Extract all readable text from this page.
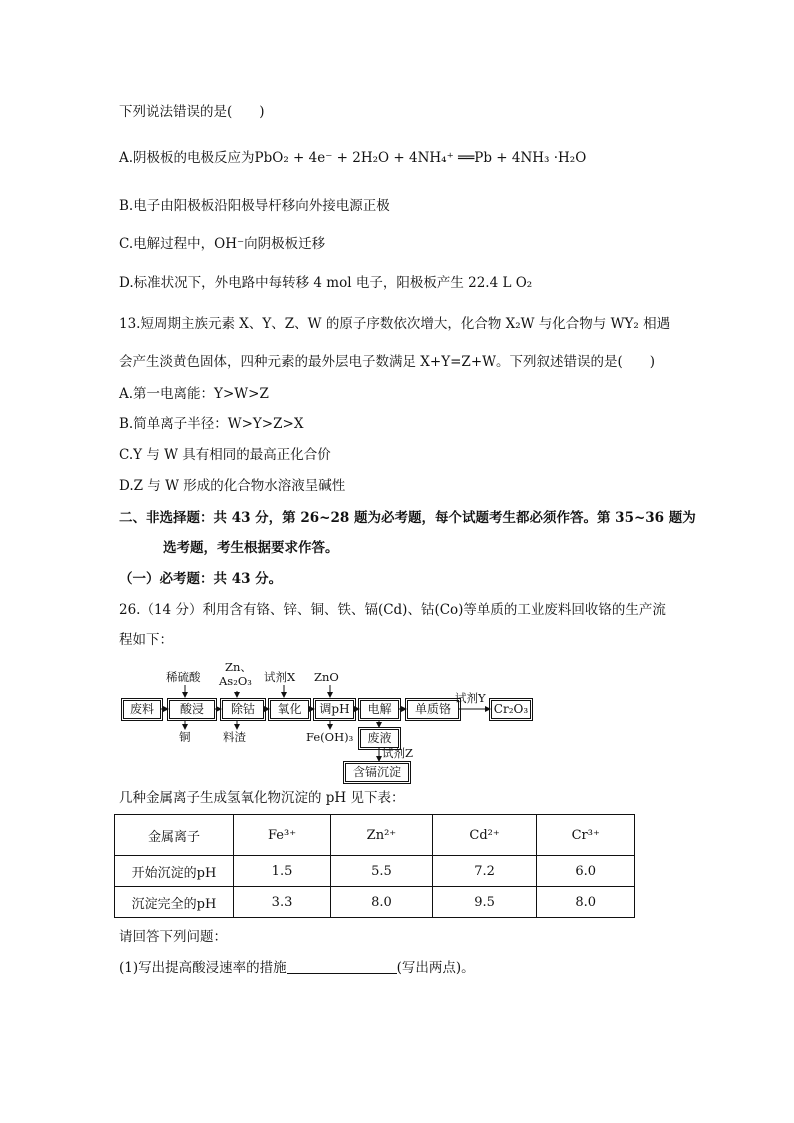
下列说法错误的是(　　)
A.阴极板的电极反应为PbO₂ + 4e⁻ + 2H₂O + 4NH₄⁺ ══Pb + 4NH₃ ·H₂O
B.电子由阳极板沿阳极导杆移向外接电源正极
C.电解过程中，OH⁻向阴极板迁移
D.标准状况下，外电路中每转移 4 mol 电子，阳极板产生 22.4 L O₂
13.短周期主族元素 X、Y、Z、W 的原子序数依次增大，化合物 X₂W 与化合物与 WY₂ 相遇
会产生淡黄色固体，四种元素的最外层电子数满足 X+Y=Z+W。下列叙述错误的是(　　)
A.第一电离能：Y>W>Z
B.简单离子半径：W>Y>Z>X
C.Y 与 W 具有相同的最高正化合价
D.Z 与 W 形成的化合物水溶液呈碱性
二、非选择题：共 43 分，第 26~28 题为必考题，每个试题考生都必须作答。第 35~36 题为
选考题，考生根据要求作答。
（一）必考题：共 43 分。
26.（14 分）利用含有铬、锌、铜、铁、镉(Cd)、钴(Co)等单质的工业废料回收铬的生产流
程如下：
废料	酸浸	除钴	氧化	调pH	电解	单质铬	Cr₂O₃
废液
含镉沉淀
稀硫酸
Zn、
As₂O₃ 试剂X ZnO
试剂Y
试剂Z
铜	料渣	Fe(OH)₃
几种金属离子生成氢氧化物沉淀的 pH 见下表：
金属离子	Fe³⁺	Zn²⁺	Cd²⁺	Cr³⁺
开始沉淀的pH	1.5	5.5	7.2	6.0
沉淀完全的pH	3.3	8.0	9.5	8.0
请回答下列问题：
(1)写出提高酸浸速率的措施	(写出两点)。
